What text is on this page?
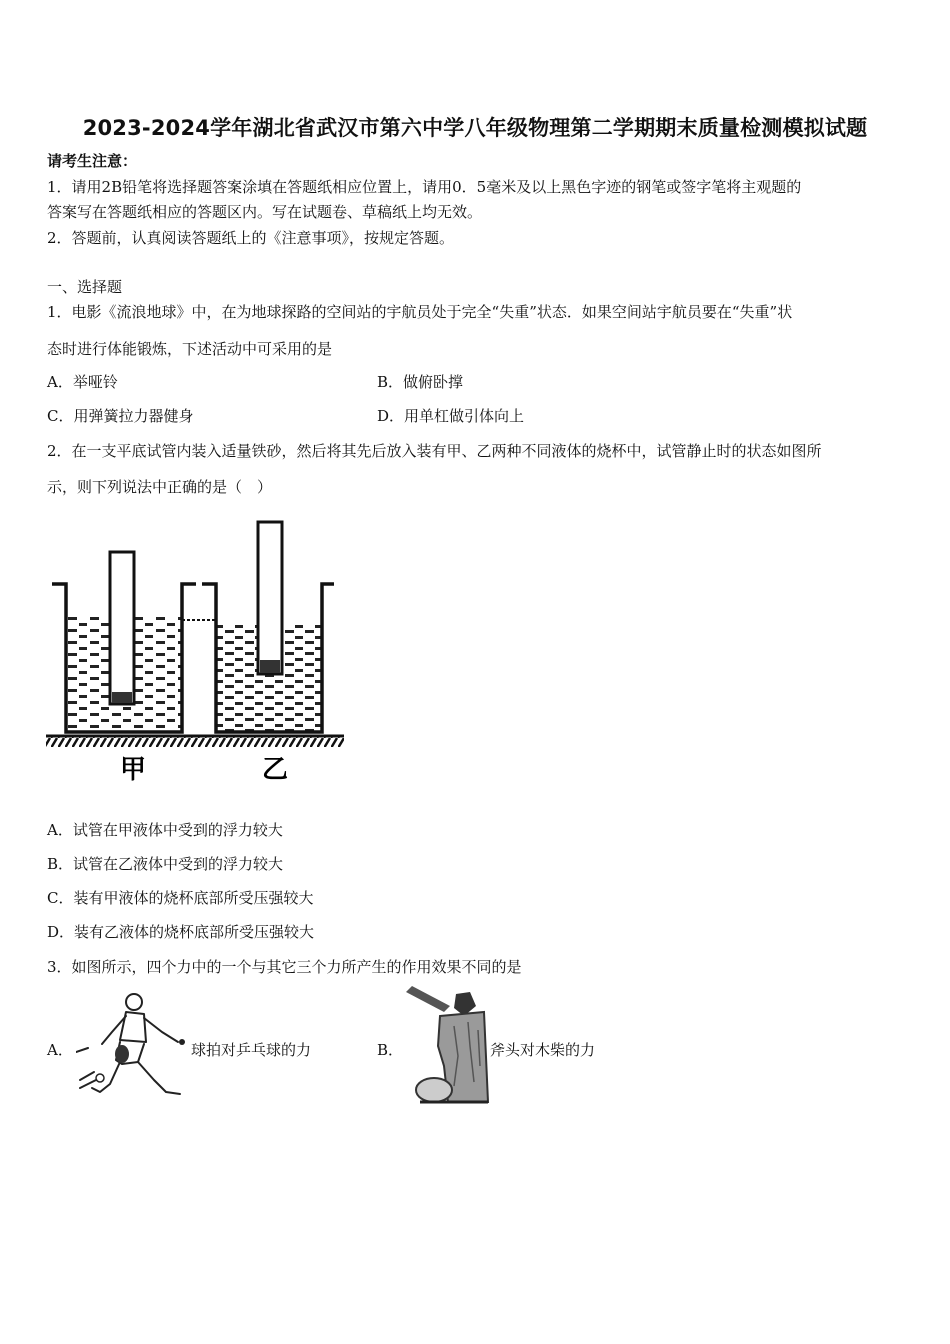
2023-2024学年湖北省武汉市第六中学八年级物理第二学期期末质量检测模拟试题
请考生注意：
1．请用2B铅笔将选择题答案涂填在答题纸相应位置上，请用0．5毫米及以上黑色字迹的钢笔或签字笔将主观题的
答案写在答题纸相应的答题区内。写在试题卷、草稿纸上均无效。
2．答题前，认真阅读答题纸上的《注意事项》，按规定答题。
一、选择题
1．电影《流浪地球》中，在为地球探路的空间站的宇航员处于完全“失重”状态．如果空间站宇航员要在“失重”状
态时进行体能锻炼，下述活动中可采用的是
A．举哑铃	B．做俯卧撑
C．用弹簧拉力器健身	D．用单杠做引体向上
2．在一支平底试管内装入适量铁砂，然后将其先后放入装有甲、乙两种不同液体的烧杯中，试管静止时的状态如图所
示，则下列说法中正确的是（　）
甲	乙
A．试管在甲液体中受到的浮力较大
B．试管在乙液体中受到的浮力较大
C．装有甲液体的烧杯底部所受压强较大
D．装有乙液体的烧杯底部所受压强较大
3．如图所示，四个力中的一个与其它三个力所产生的作用效果不同的是
A．	球拍对乒乓球的力	B．	斧头对木柴的力
